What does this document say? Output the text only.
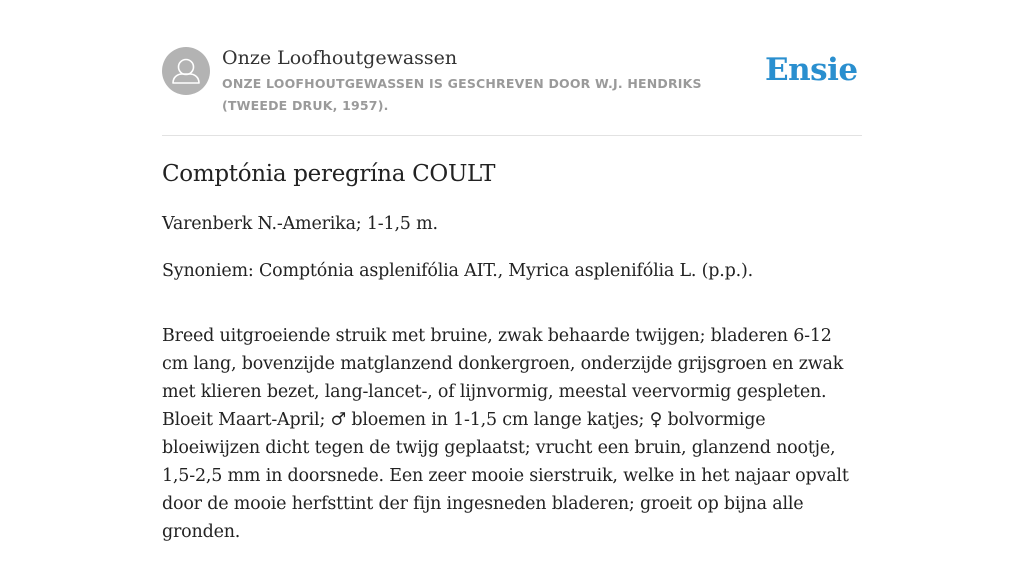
Onze Loofhoutgewassen
ONZE LOOFHOUTGEWASSEN IS GESCHREVEN DOOR W.J. HENDRIKS (TWEEDE DRUK, 1957).
Ensie
Comptónia peregrína COULT

Varenberk N.-Amerika; 1-1,5 m.

Synoniem: Comptónia asplenifólia AIT., Myrica asplenifólia L. (p.p.).

Breed uitgroeiende struik met bruine, zwak behaarde twijgen; bladeren 6-12 cm lang, bovenzijde matglanzend donkergroen, onderzijde grijsgroen en zwak met klieren bezet, lang-lancet-, of lijnvormig, meestal veervormig gespleten. Bloeit Maart-April; ♂ bloemen in 1-1,5 cm lange katjes; ♀ bolvormige bloeiwijzen dicht tegen de twijg geplaatst; vrucht een bruin, glanzend nootje, 1,5-2,5 mm in doorsnede. Een zeer mooie sierstruik, welke in het najaar opvalt door de mooie herfsttint der fijn ingesneden bladeren; groeit op bijna alle gronden.
